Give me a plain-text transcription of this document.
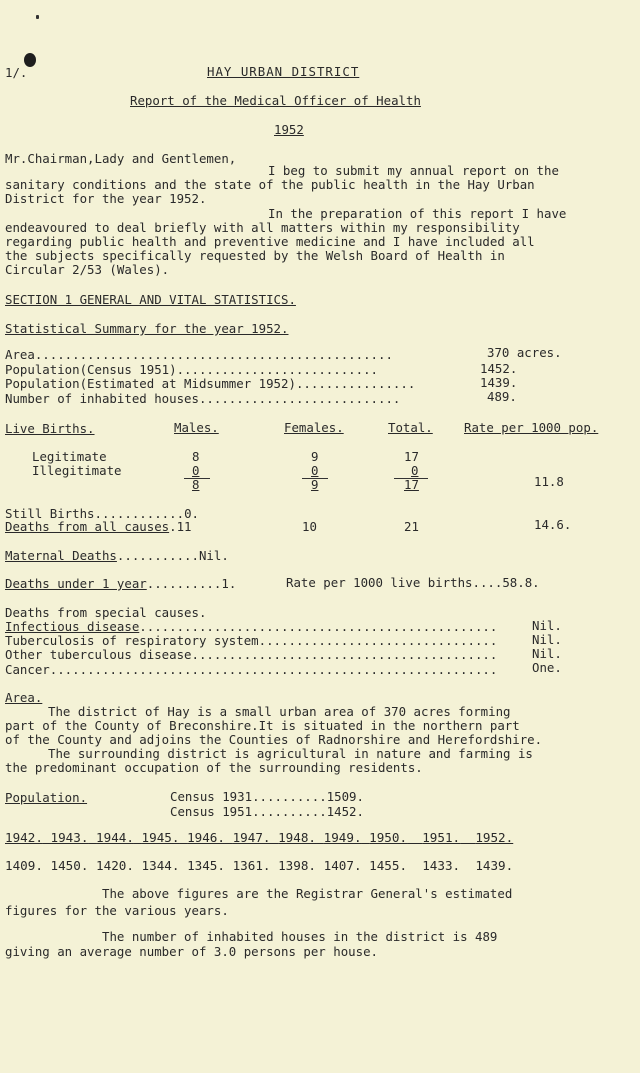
1/.	HAY URBAN DISTRICT
Report of the Medical Officer of Health
1952
Mr.Chairman,Lady and Gentlemen,
I beg to submit my annual report on the
sanitary conditions and the state of the public health in the Hay Urban
District for the year 1952.
In the preparation of this report I have
endeavoured to deal briefly with all matters within my responsibility
regarding public health and preventive medicine and I have included all
the subjects specifically requested by the Welsh Board of Health in
Circular 2/53 (Wales).
SECTION 1 GENERAL AND VITAL STATISTICS.
Statistical Summary for the year 1952.
Area................................................	370 acres.
Population(Census 1951)...........................	1452.
Population(Estimated at Midsummer 1952)................	1439.
Number of inhabited houses...........................	489.
Live Births.	Males.	Females.	Total.	Rate per 1000 pop.
Legitimate	8	9	17
Illegitimate	0	0	0
8	9	17	11.8
Still Births............0.
Deaths from all causes.11	10	21	14.6.
Maternal Deaths...........Nil.
Deaths under 1 year..........1.	Rate per 1000 live births....58.8.
Deaths from special causes.
Infectious disease................................................	Nil.
Tuberculosis of respiratory system................................	Nil.
Other tuberculous disease.........................................	Nil.
Cancer............................................................	One.
Area.
The district of Hay is a small urban area of 370 acres forming
part of the County of Breconshire.It is situated in the northern part
of the County and adjoins the Counties of Radnorshire and Herefordshire.
The surrounding district is agricultural in nature and farming is
the predominant occupation of the surrounding residents.
Population.	Census 1931..........1509.
Census 1951..........1452.
1942. 1943. 1944. 1945. 1946. 1947. 1948. 1949. 1950. 1951. 1952.
1409. 1450. 1420. 1344. 1345. 1361. 1398. 1407. 1455. 1433. 1439.
The above figures are the Registrar General's estimated
figures for the various years.
The number of inhabited houses in the district is 489
giving an average number of 3.0 persons per house.
